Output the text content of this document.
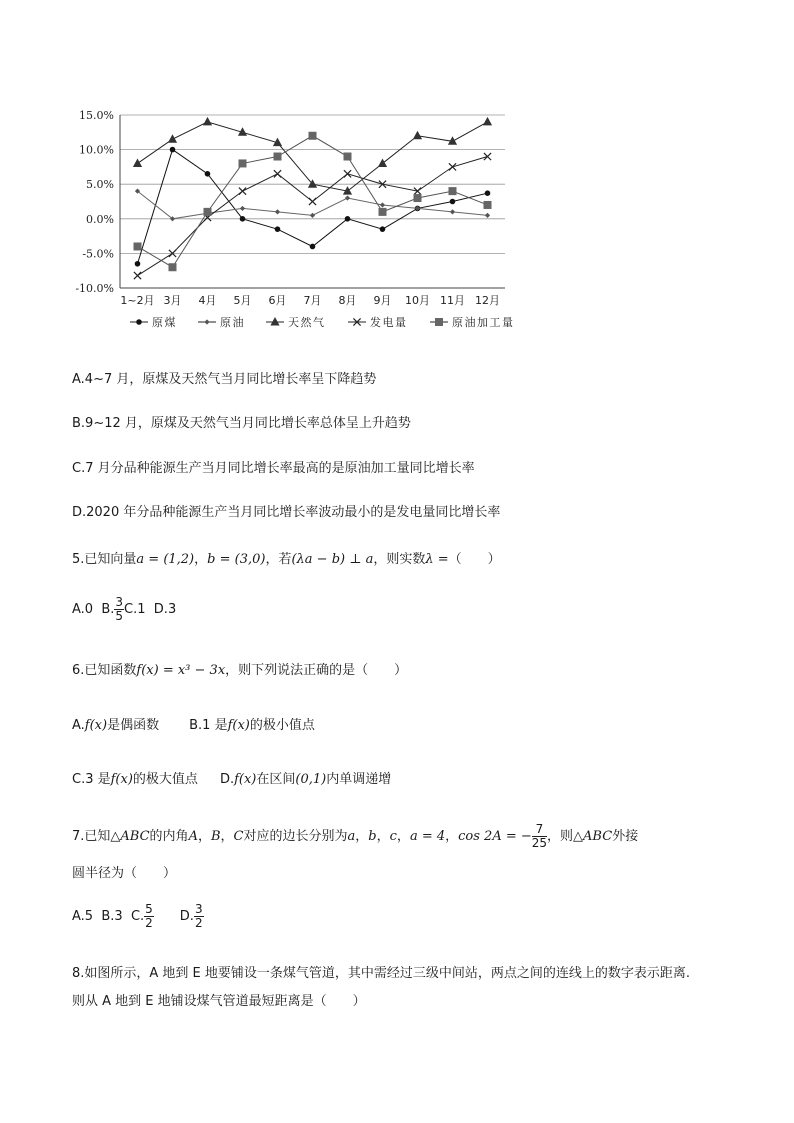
15.0%
10.0%
5.0%
0.0%
-5.0%
-10.0%
1~2月 3月 4月 5月 6月 7月 8月 9月 10月 11月 12月
原煤	原油	天然气	发电量	原油加工量
A.4~7 月，原煤及天然气当月同比增长率呈下降趋势
B.9~12 月，原煤及天然气当月同比增长率总体呈上升趋势
C.7 月分品种能源生产当月同比增长率最高的是原油加工量同比增长率
D.2020 年分品种能源生产当月同比增长率波动最小的是发电量同比增长率
5.已知向量a = (1,2)，b = (3,0)，若(λa − b) ⊥ a，则实数λ =（　　）
A.0 B. $\frac{3}{5} C.1$ D.3
6.已知函数f(x) = x³ − 3x，则下列说法正确的是（　　）
A.f(x)是偶函数 B.1 是f(x)的极小值点
C.3 是f(x)的极大值点 D.f(x)在区间(0,1)内单调递增
7.已知△ABC的内角A，B，C对应的边长分别为a，b，c，a = 4，cos 2A = − $\frac{7}{25}$ ，则△ABC外接
圆半径为（　　）
A.5 B.3 C. $\frac{5}{2} D$. $\frac{3}{2}$
8.如图所示，A 地到 E 地要铺设一条煤气管道，其中需经过三级中间站，两点之间的连线上的数字表示距离.
则从 A 地到 E 地铺设煤气管道最短距离是（　　）
